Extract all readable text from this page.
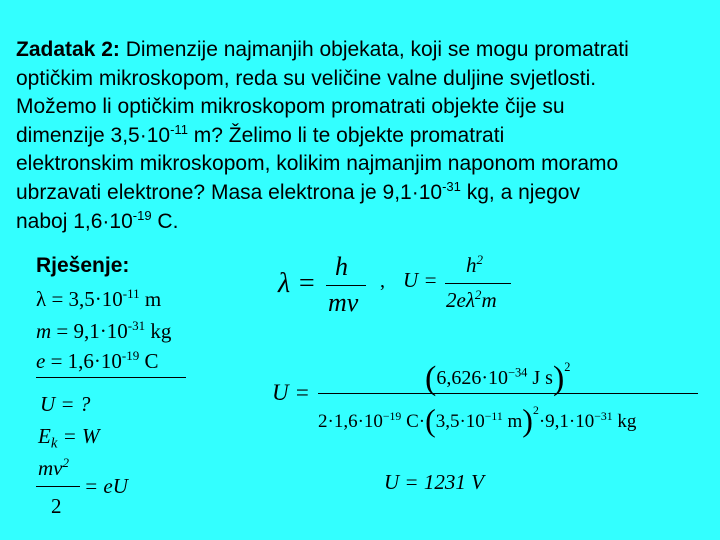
Zadatak 2: Dimenzije najmanjih objekata, koji se mogu promatrati
optičkim mikroskopom, reda su veličine valne duljine svjetlosti.
Možemo li optičkim mikroskopom promatrati objekte čije su
dimenzije $3,5\cdot 10^{-11}$ m? Želimo li te objekte promatrati
elektronskim mikroskopom, kolikim najmanjim naponom moramo
ubrzavati elektrone? Masa elektrona je $9,1\cdot 10^{-31}$ kg, a njegov
naboj $1,6\cdot 10^{-19}$ C.
Rješenje:
$\lambda = 3,5\cdot 10^{-11}$ m
$m = 9,1\cdot 10^{-31}$ kg
$e = 1,6\cdot 10^{-19}$ C
U = ?
$E_k = W$
$mv^2$
2
= eU
λ =
h
mv
, U =
$h^2$
$2e\lambda^2m$
U =	($6,626\cdot 10^{-34}$ J s)$^2$
$2\cdot 1,6\cdot 10^{-19}$ $C\cdot(3,5\cdot 10^{-11}$ $m)^2\cdot 9,1\cdot 10^{-31}$ kg
U = 1231 V
